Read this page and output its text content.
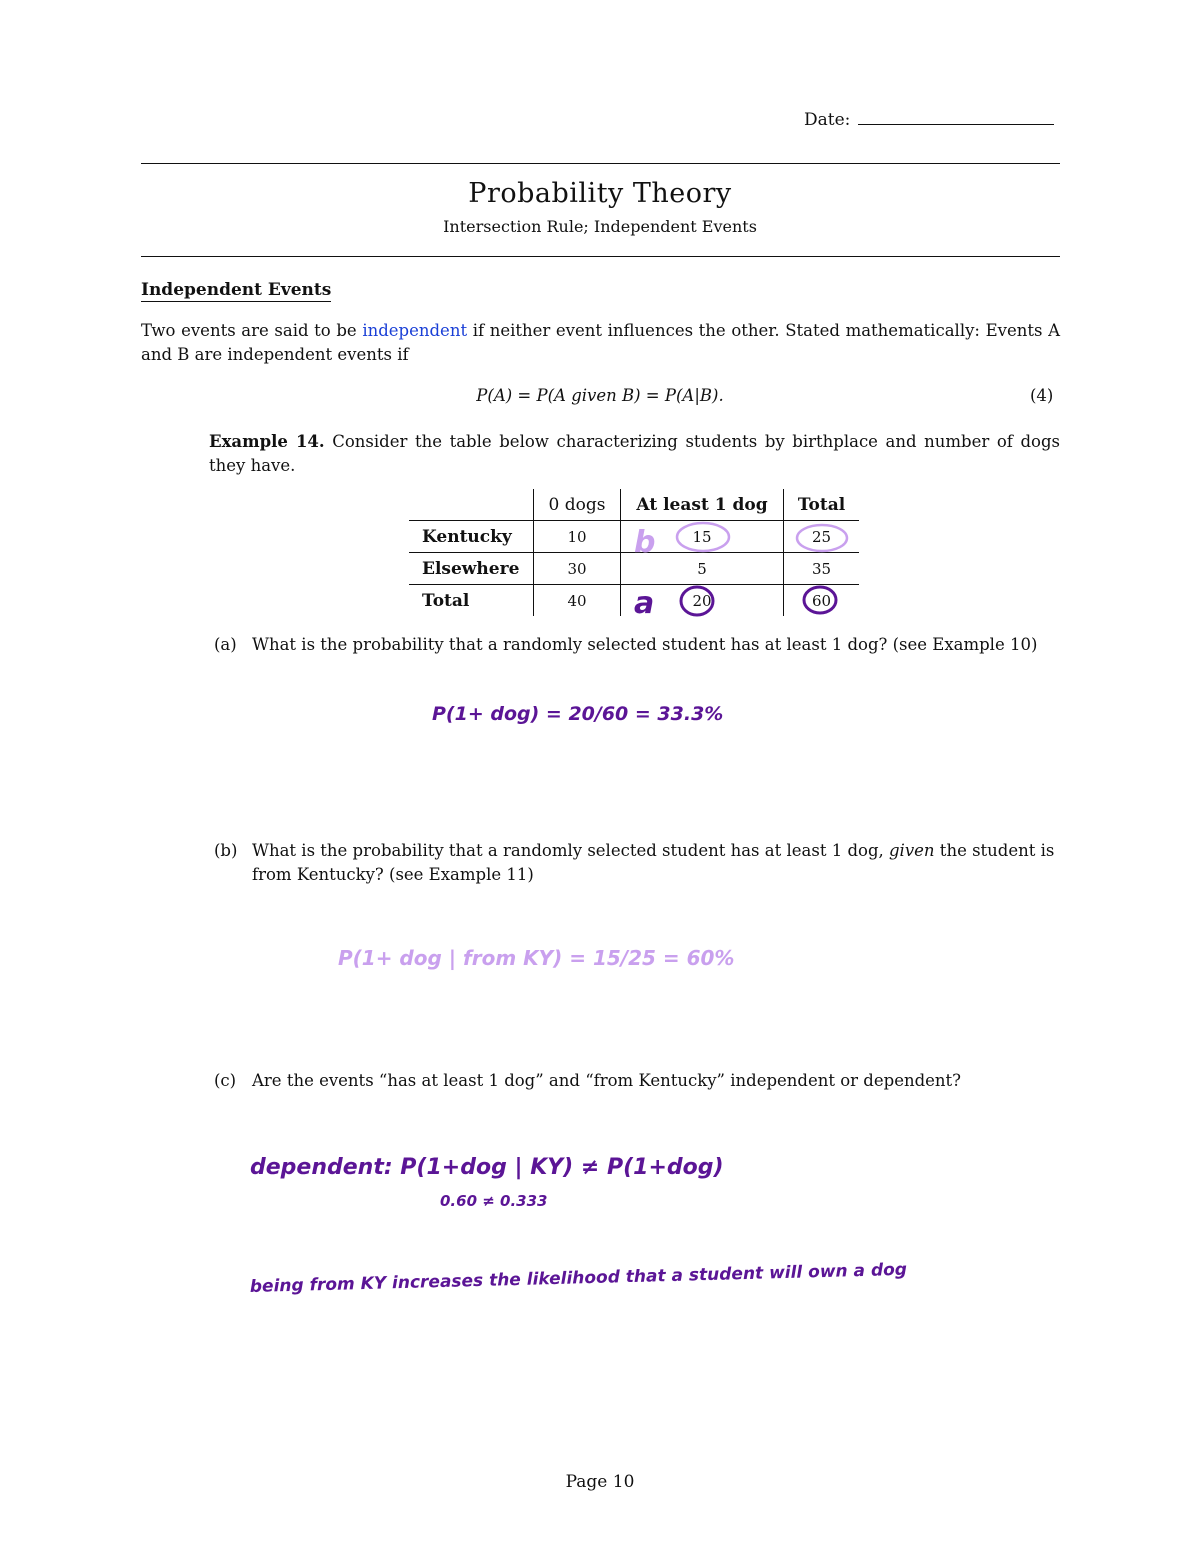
Date:
Probability Theory
Intersection Rule; Independent Events
Independent Events
Two events are said to be independent if neither event influences the other. Stated mathematically: Events A and B are independent events if
P(A) = P(A given B) = P(A|B).	(4)
Example 14. Consider the table below characterizing students by birthplace and number of dogs they have.
	0 dogs	At least 1 dog	Total
Kentucky	10	15	25
Elsewhere	30	5	35
Total	40	20	60
(a) What is the probability that a randomly selected student has at least 1 dog? (see Example 10)
(b) What is the probability that a randomly selected student has at least 1 dog, given the student is from Kentucky? (see Example 11)
(c) Are the events “has at least 1 dog” and “from Kentucky” independent or dependent?
b
a
P(1+ dog) = 20/60 = 33.3%
P(1+ dog | from KY) = 15/25 = 60%
dependent: P(1+dog | KY) ≠ P(1+dog)
0.60 ≠ 0.333
being from KY increases the likelihood that a student will own a dog
Page 10
